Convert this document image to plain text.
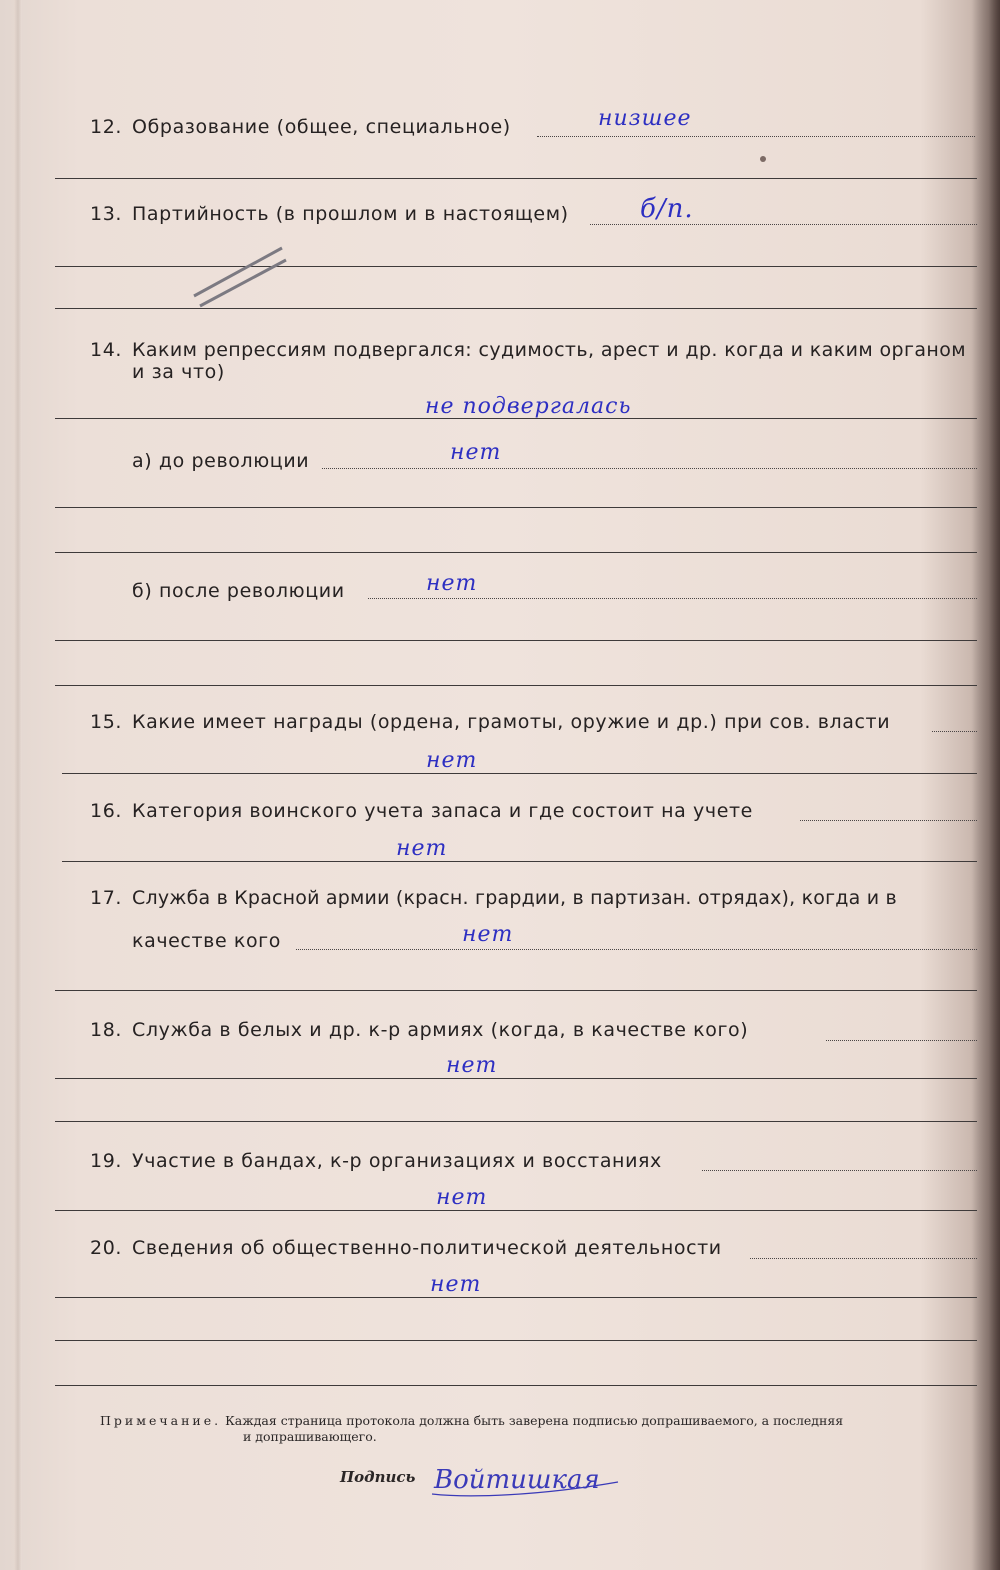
12. Образование (общее, специальное)	низшее
13. Партийность (в прошлом и в настоящем)	б/п.
14. Каким репрессиям подвергался: судимость, арест и др. когда и каким органом
и за что)
не подвергалась
а) до революции	нет
б) после революции	нет
15. Какие имеет награды (ордена, грамоты, оружие и др.) при сов. власти
нет
16. Категория воинского учета запаса и где состоит на учете
нет
17. Служба в Красной армии (красн. грардии, в партизан. отрядах), когда и в
качестве кого	нет
18. Служба в белых и др. к-р армиях (когда, в качестве кого)
нет
19. Участие в бандах, к-р организациях и восстаниях
нет
20. Сведения об общественно-политической деятельности
нет
Примечание. Каждая страница протокола должна быть заверена подписью допрашиваемого, а последняя
и допрашивающего.
Подпись Войтишкая
